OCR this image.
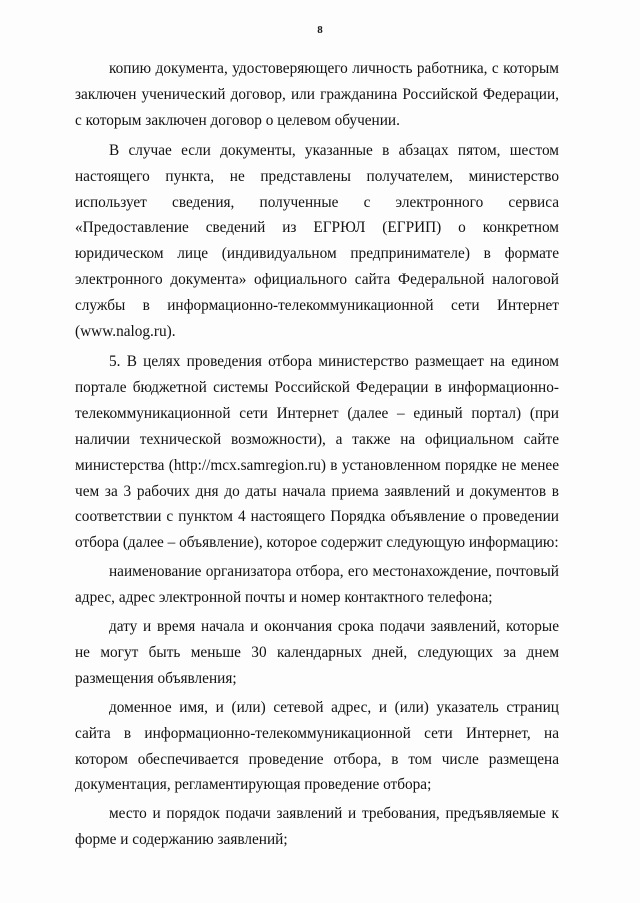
8

копию документа, удостоверяющего личность работника, с которым заключен ученический договор, или гражданина Российской Федерации, с которым заключен договор о целевом обучении.

В случае если документы, указанные в абзацах пятом, шестом настоящего пункта, не представлены получателем, министерство использует сведения, полученные с электронного сервиса «Предоставление сведений из ЕГРЮЛ (ЕГРИП) о конкретном юридическом лице (индивидуальном предпринимателе) в формате электронного документа» официального сайта Федеральной налоговой службы в информационно-телекоммуникационной сети Интернет (www.nalog.ru).

5. В целях проведения отбора министерство размещает на едином портале бюджетной системы Российской Федерации в информационно-телекоммуникационной сети Интернет (далее – единый портал) (при наличии технической возможности), а также на официальном сайте министерства (http://mcx.samregion.ru) в установленном порядке не менее чем за 3 рабочих дня до даты начала приема заявлений и документов в соответствии с пунктом 4 настоящего Порядка объявление о проведении отбора (далее – объявление), которое содержит следующую информацию:

наименование организатора отбора, его местонахождение, почтовый адрес, адрес электронной почты и номер контактного телефона;

дату и время начала и окончания срока подачи заявлений, которые не могут быть меньше 30 календарных дней, следующих за днем размещения объявления;

доменное имя, и (или) сетевой адрес, и (или) указатель страниц сайта в информационно-телекоммуникационной сети Интернет, на котором обеспечивается проведение отбора, в том числе размещена документация, регламентирующая проведение отбора;

место и порядок подачи заявлений и требования, предъявляемые к форме и содержанию заявлений;
